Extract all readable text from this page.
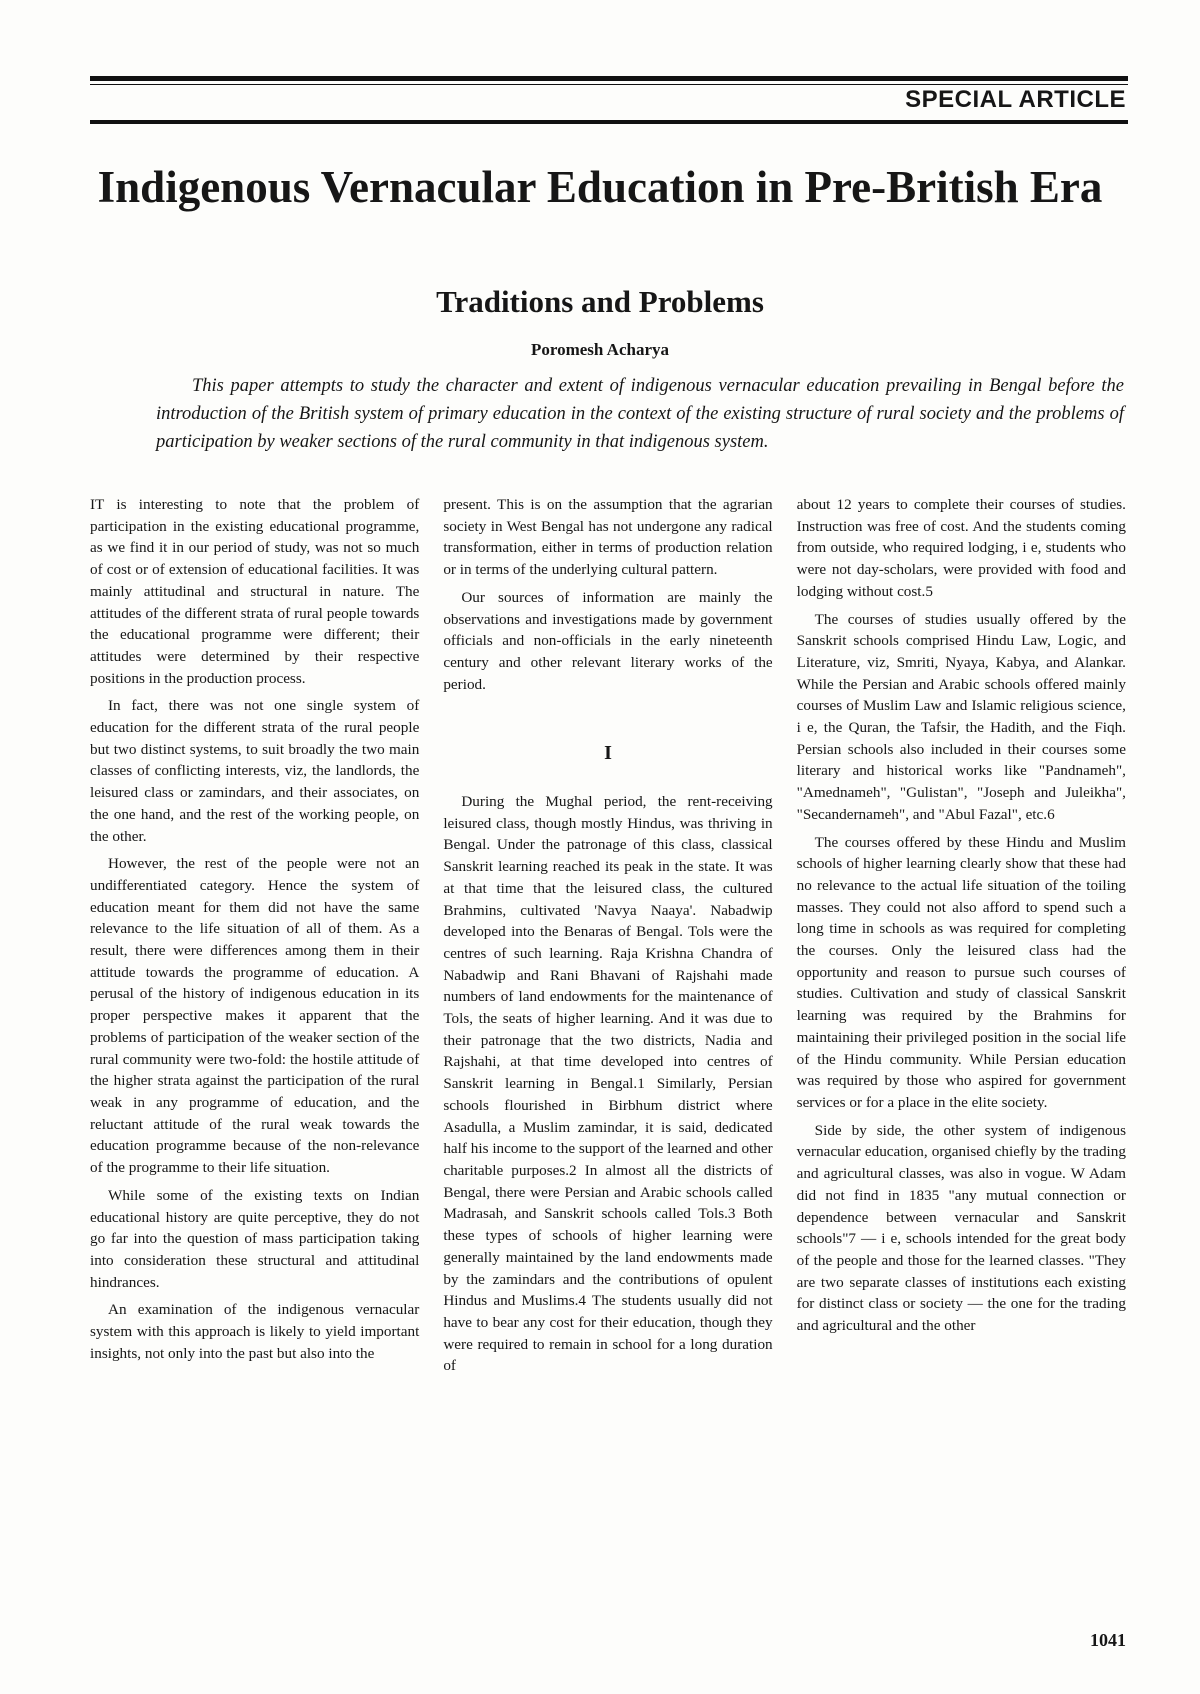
SPECIAL ARTICLE
Indigenous Vernacular Education in Pre-British Era
Traditions and Problems
Poromesh Acharya

This paper attempts to study the character and extent of indigenous vernacular education prevailing in Bengal before the introduction of the British system of primary education in the context of the existing structure of rural society and the problems of participation by weaker sections of the rural community in that indigenous system.

IT is interesting to note that the problem of participation in the existing educational programme, as we find it in our period of study, was not so much of cost or of extension of educational facilities. It was mainly attitudinal and structural in nature. The attitudes of the different strata of rural people towards the educational programme were different; their attitudes were determined by their respective positions in the production process.

In fact, there was not one single system of education for the different strata of the rural people but two distinct systems, to suit broadly the two main classes of conflicting interests, viz, the landlords, the leisured class or zamindars, and their associates, on the one hand, and the rest of the working people, on the other.

However, the rest of the people were not an undifferentiated category. Hence the system of education meant for them did not have the same relevance to the life situation of all of them. As a result, there were differences among them in their attitude towards the programme of education. A perusal of the history of indigenous education in its proper perspective makes it apparent that the problems of participation of the weaker section of the rural community were two-fold: the hostile attitude of the higher strata against the participation of the rural weak in any programme of education, and the reluctant attitude of the rural weak towards the education programme because of the non-relevance of the programme to their life situation.

While some of the existing texts on Indian educational history are quite perceptive, they do not go far into the question of mass participation taking into consideration these structural and attitudinal hindrances.

An examination of the indigenous vernacular system with this approach is likely to yield important insights, not only into the past but also into the

present. This is on the assumption that the agrarian society in West Bengal has not undergone any radical transformation, either in terms of production relation or in terms of the underlying cultural pattern.

Our sources of information are mainly the observations and investigations made by government officials and non-officials in the early nineteenth century and other relevant literary works of the period.

I

During the Mughal period, the rent-receiving leisured class, though mostly Hindus, was thriving in Bengal. Under the patronage of this class, classical Sanskrit learning reached its peak in the state. It was at that time that the leisured class, the cultured Brahmins, cultivated 'Navya Naaya'. Nabadwip developed into the Benaras of Bengal. Tols were the centres of such learning. Raja Krishna Chandra of Nabadwip and Rani Bhavani of Rajshahi made numbers of land endowments for the maintenance of Tols, the seats of higher learning. And it was due to their patronage that the two districts, Nadia and Rajshahi, at that time developed into centres of Sanskrit learning in Bengal.1 Similarly, Persian schools flourished in Birbhum district where Asadulla, a Muslim zamindar, it is said, dedicated half his income to the support of the learned and other charitable purposes.2 In almost all the districts of Bengal, there were Persian and Arabic schools called Madrasah, and Sanskrit schools called Tols.3 Both these types of schools of higher learning were generally maintained by the land endowments made by the zamindars and the contributions of opulent Hindus and Muslims.4 The students usually did not have to bear any cost for their education, though they were required to remain in school for a long duration of

about 12 years to complete their courses of studies. Instruction was free of cost. And the students coming from outside, who required lodging, i e, students who were not day-scholars, were provided with food and lodging without cost.5

The courses of studies usually offered by the Sanskrit schools comprised Hindu Law, Logic, and Literature, viz, Smriti, Nyaya, Kabya, and Alankar. While the Persian and Arabic schools offered mainly courses of Muslim Law and Islamic religious science, i e, the Quran, the Tafsir, the Hadith, and the Fiqh. Persian schools also included in their courses some literary and historical works like "Pandnameh", "Amednameh", "Gulistan", "Joseph and Juleikha", "Secandernameh", and "Abul Fazal", etc.6

The courses offered by these Hindu and Muslim schools of higher learning clearly show that these had no relevance to the actual life situation of the toiling masses. They could not also afford to spend such a long time in schools as was required for completing the courses. Only the leisured class had the opportunity and reason to pursue such courses of studies. Cultivation and study of classical Sanskrit learning was required by the Brahmins for maintaining their privileged position in the social life of the Hindu community. While Persian education was required by those who aspired for government services or for a place in the elite society.

Side by side, the other system of indigenous vernacular education, organised chiefly by the trading and agricultural classes, was also in vogue. W Adam did not find in 1835 "any mutual connection or dependence between vernacular and Sanskrit schools"7 — i e, schools intended for the great body of the people and those for the learned classes. "They are two separate classes of institutions each existing for distinct class or society — the one for the trading and agricultural and the other

1041
